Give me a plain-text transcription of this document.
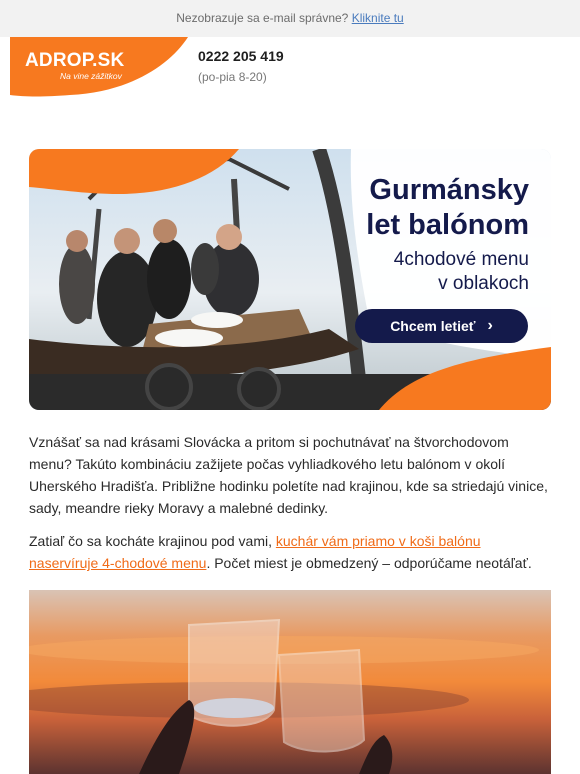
Nezobrazuje sa e-mail správne? Kliknite tu
ADROP.SK
Na vine zážitkov
0222 205 419
(po-pia 8-20)
Gurmánsky
let balónom
4chodové menu
v oblakoch
Chcem letieť ›

Vznášať sa nad krásami Slovácka a pritom si pochutnávať na štvorchodovom menu? Takúto kombináciu zažijete počas vyhliadkového letu balónom v okolí Uherského Hradišťa. Približne hodinku poletíte nad krajinou, kde sa striedajú vinice, sady, meandre rieky Moravy a malebné dedinky.

Zatiaľ čo sa kocháte krajinou pod vami, kuchár vám priamo v koši balónu naservíruje 4-chodové menu. Počet miest je obmedzený – odporúčame neotáľať.
